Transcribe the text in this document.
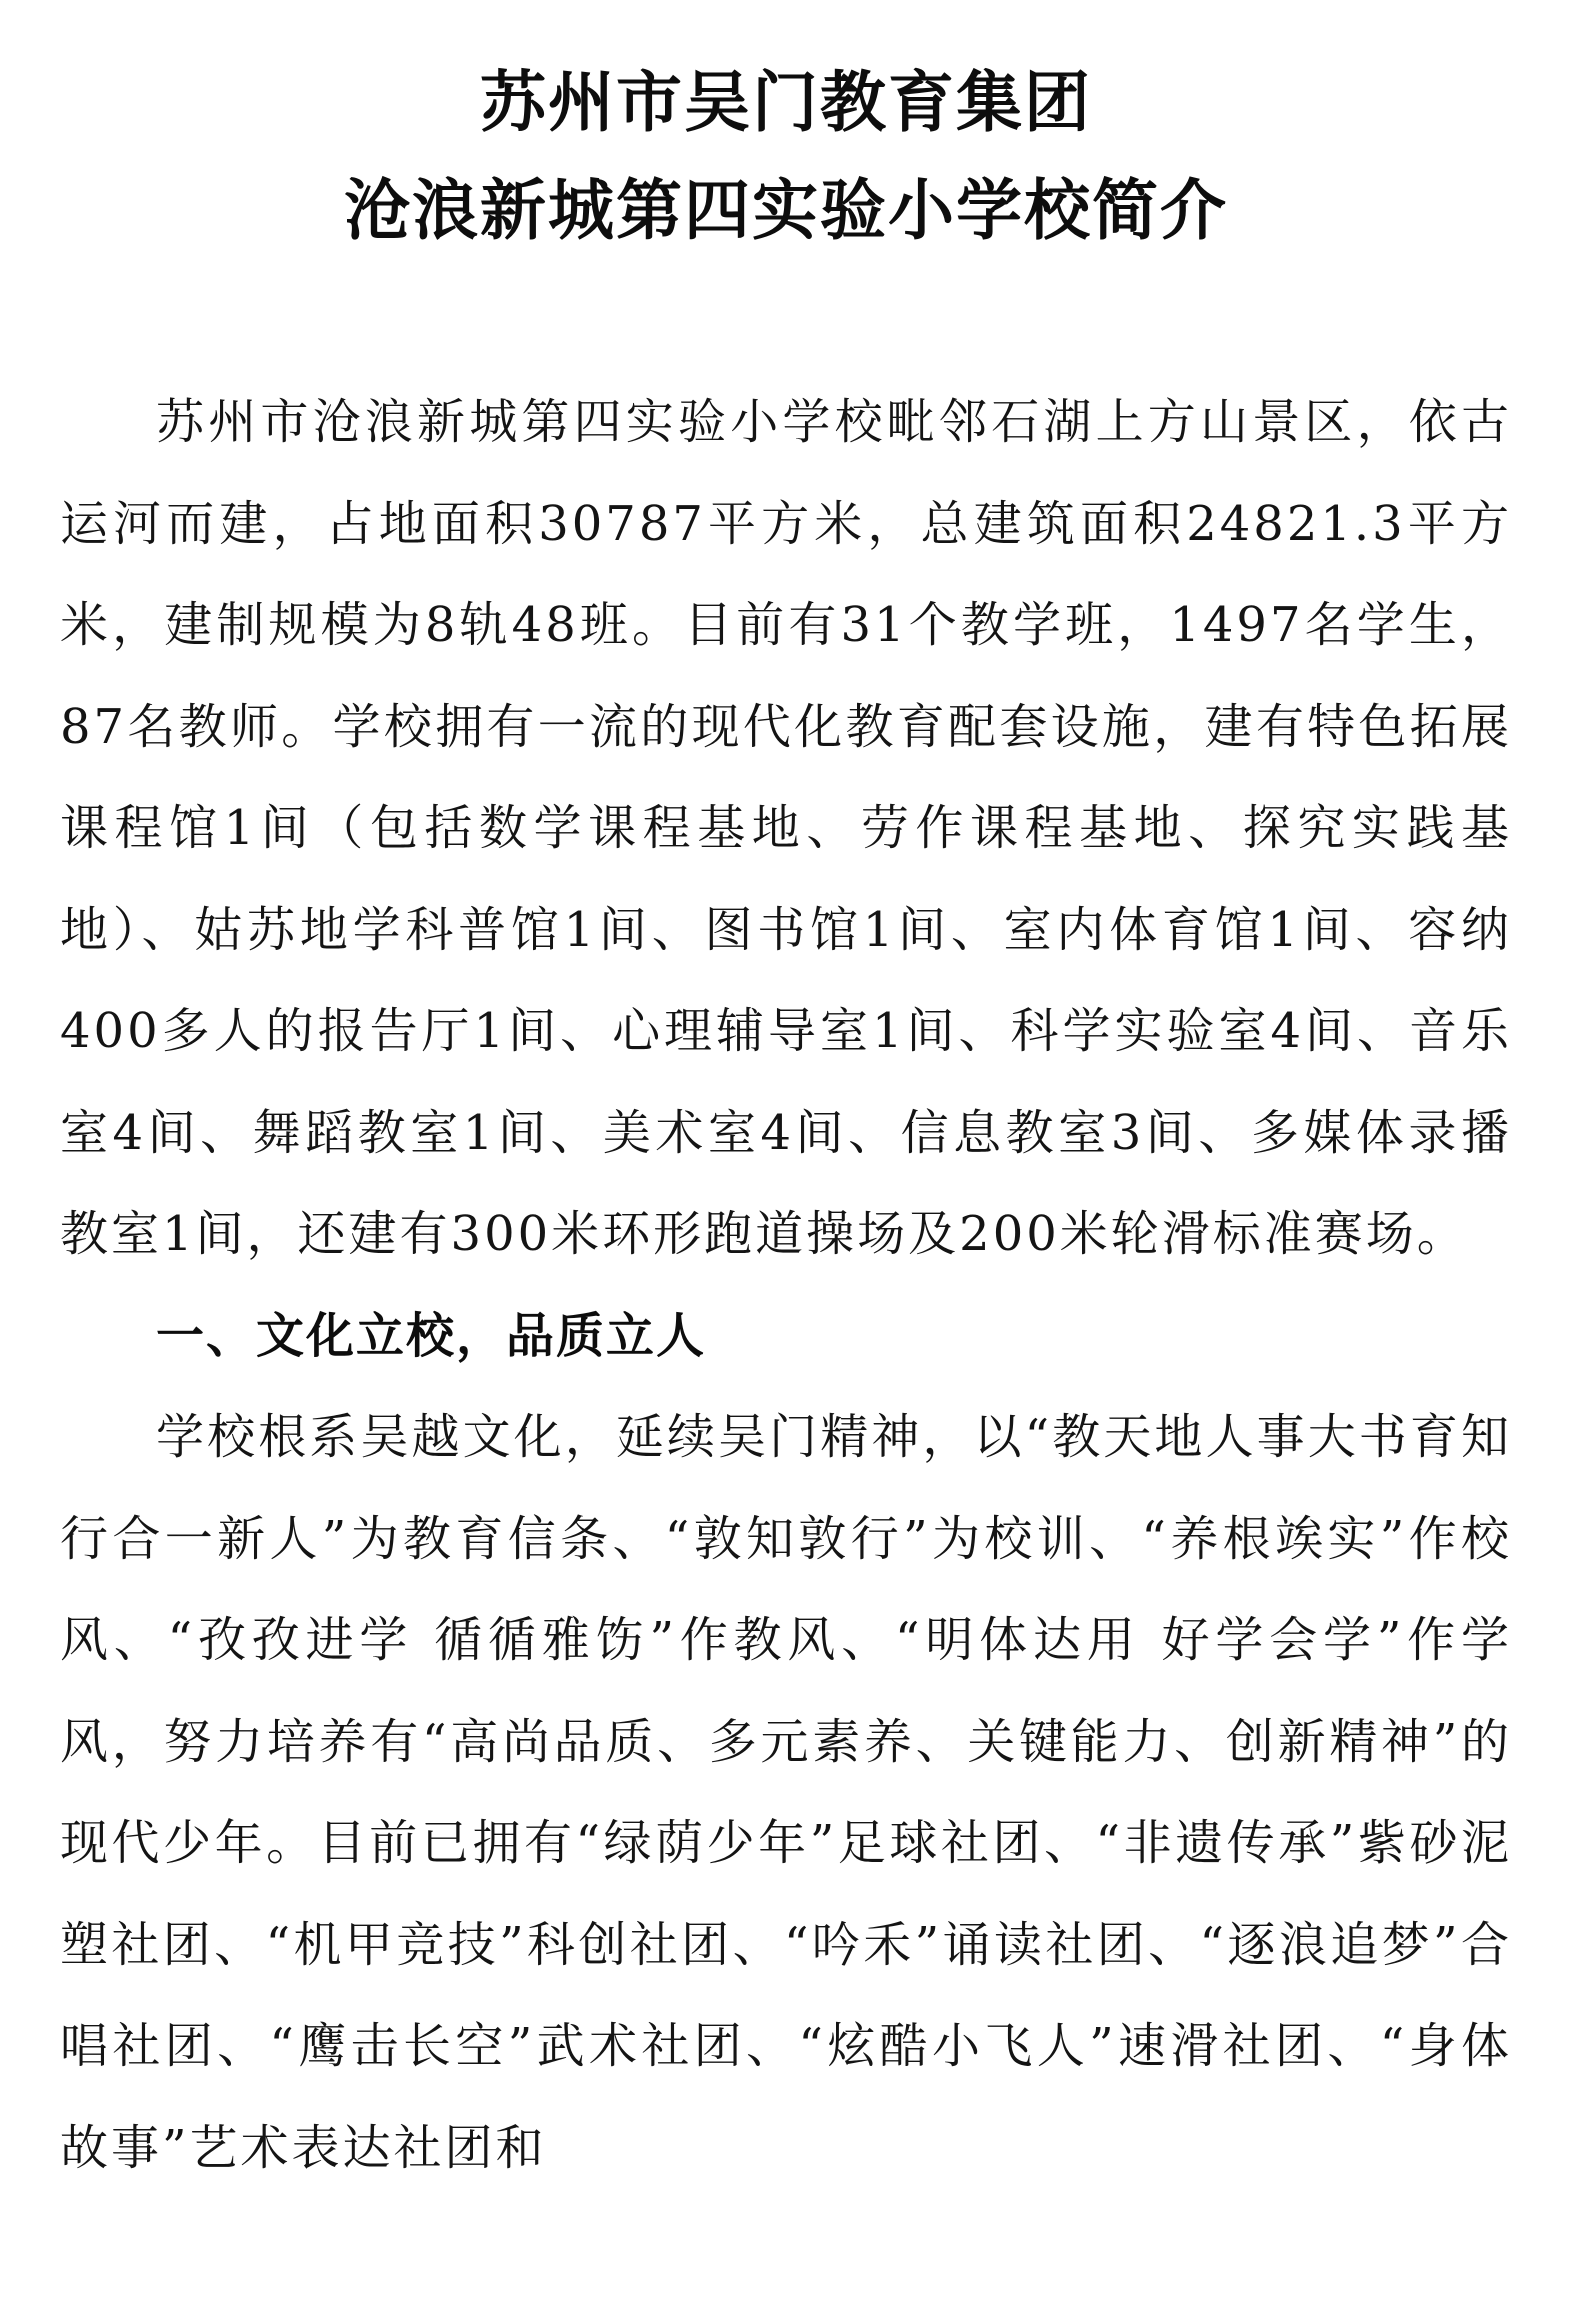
苏州市吴门教育集团
沧浪新城第四实验小学校简介

苏州市沧浪新城第四实验小学校毗邻石湖上方山景区，依古运河而建，占地面积30787平方米，总建筑面积24821.3平方米，建制规模为8轨48班。目前有31个教学班，1497名学生，87名教师。学校拥有一流的现代化教育配套设施，建有特色拓展课程馆1间（包括数学课程基地、劳作课程基地、探究实践基地）、姑苏地学科普馆1间、图书馆1间、室内体育馆1间、容纳400多人的报告厅1间、心理辅导室1间、科学实验室4间、音乐室4间、舞蹈教室1间、美术室4间、信息教室3间、多媒体录播教室1间，还建有300米环形跑道操场及200米轮滑标准赛场。

一、文化立校，品质立人

学校根系吴越文化，延续吴门精神，以“教天地人事大书育知行合一新人”为教育信条、“敦知敦行”为校训、“养根竢实”作校风、“孜孜进学 循循雅饬”作教风、“明体达用 好学会学”作学风，努力培养有“高尚品质、多元素养、关键能力、创新精神”的现代少年。目前已拥有“绿荫少年”足球社团、“非遗传承”紫砂泥塑社团、“机甲竞技”科创社团、“吟禾”诵读社团、“逐浪追梦”合唱社团、“鹰击长空”武术社团、“炫酷小飞人”速滑社团、“身体故事”艺术表达社团和
